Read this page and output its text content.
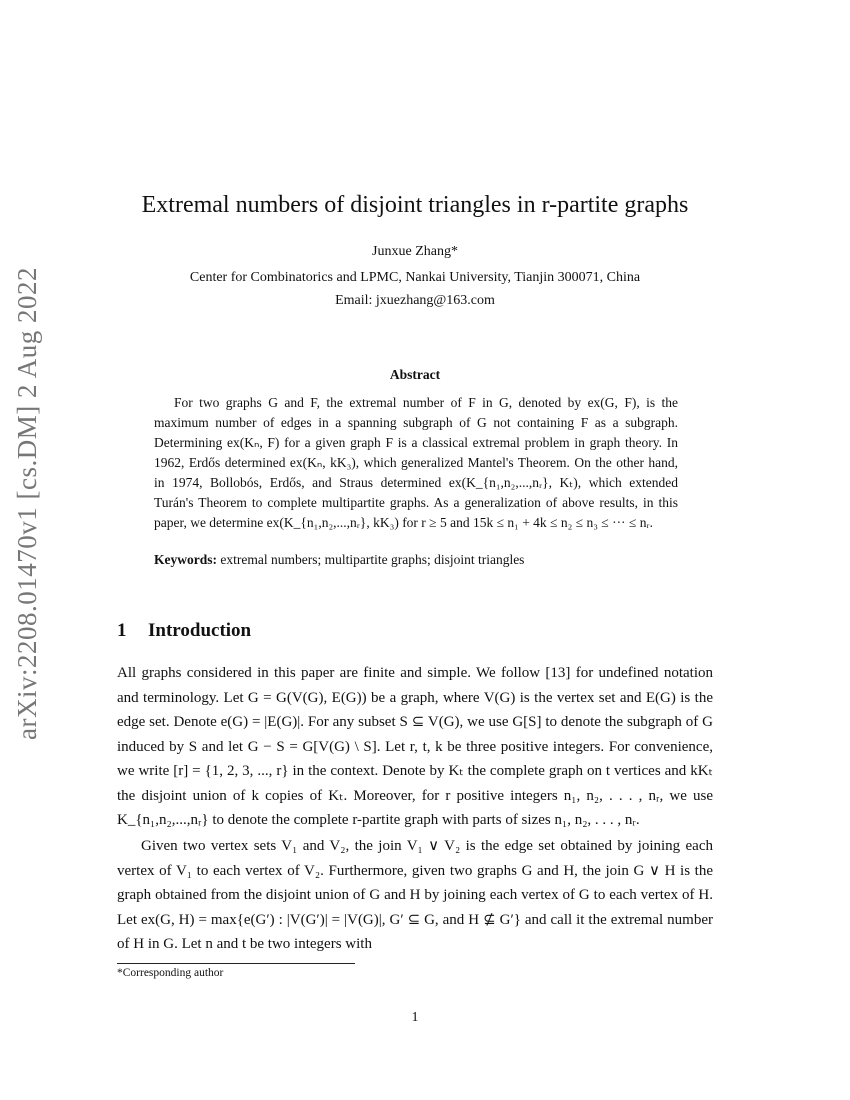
arXiv:2208.01470v1 [cs.DM] 2 Aug 2022
Extremal numbers of disjoint triangles in r-partite graphs
Junxue Zhang*
Center for Combinatorics and LPMC, Nankai University, Tianjin 300071, China
Email: jxuezhang@163.com
Abstract

For two graphs G and F, the extremal number of F in G, denoted by ex(G, F), is the maximum number of edges in a spanning subgraph of G not containing F as a subgraph. Determining ex(Kₙ, F) for a given graph F is a classical extremal problem in graph theory. In 1962, Erdős determined ex(Kₙ, kK₃), which generalized Mantel's Theorem. On the other hand, in 1974, Bollobós, Erdős, and Straus determined ex(K_{n₁,n₂,...,nᵣ}, Kₜ), which extended Turán's Theorem to complete multipartite graphs. As a generalization of above results, in this paper, we determine ex(K_{n₁,n₂,...,nᵣ}, kK₃) for r ≥ 5 and 15k ≤ n₁ + 4k ≤ n₂ ≤ n₃ ≤ ··· ≤ nᵣ.

Keywords: extremal numbers; multipartite graphs; disjoint triangles

1 Introduction

All graphs considered in this paper are finite and simple. We follow [13] for undefined notation and terminology. Let G = G(V(G), E(G)) be a graph, where V(G) is the vertex set and E(G) is the edge set. Denote e(G) = |E(G)|. For any subset S ⊆ V(G), we use G[S] to denote the subgraph of G induced by S and let G − S = G[V(G) \ S]. Let r, t, k be three positive integers. For convenience, we write [r] = {1, 2, 3, ..., r} in the context. Denote by Kₜ the complete graph on t vertices and kKₜ the disjoint union of k copies of Kₜ. Moreover, for r positive integers n₁, n₂, . . . , nᵣ, we use K_{n₁,n₂,...,nᵣ} to denote the complete r-partite graph with parts of sizes n₁, n₂, . . . , nᵣ.

Given two vertex sets V₁ and V₂, the join V₁ ∨ V₂ is the edge set obtained by joining each vertex of V₁ to each vertex of V₂. Furthermore, given two graphs G and H, the join G ∨ H is the graph obtained from the disjoint union of G and H by joining each vertex of G to each vertex of H. Let ex(G, H) = max{e(G′) : |V(G′)| = |V(G)|, G′ ⊆ G, and H ⊈ G′} and call it the extremal number of H in G. Let n and t be two integers with

*Corresponding author

1
